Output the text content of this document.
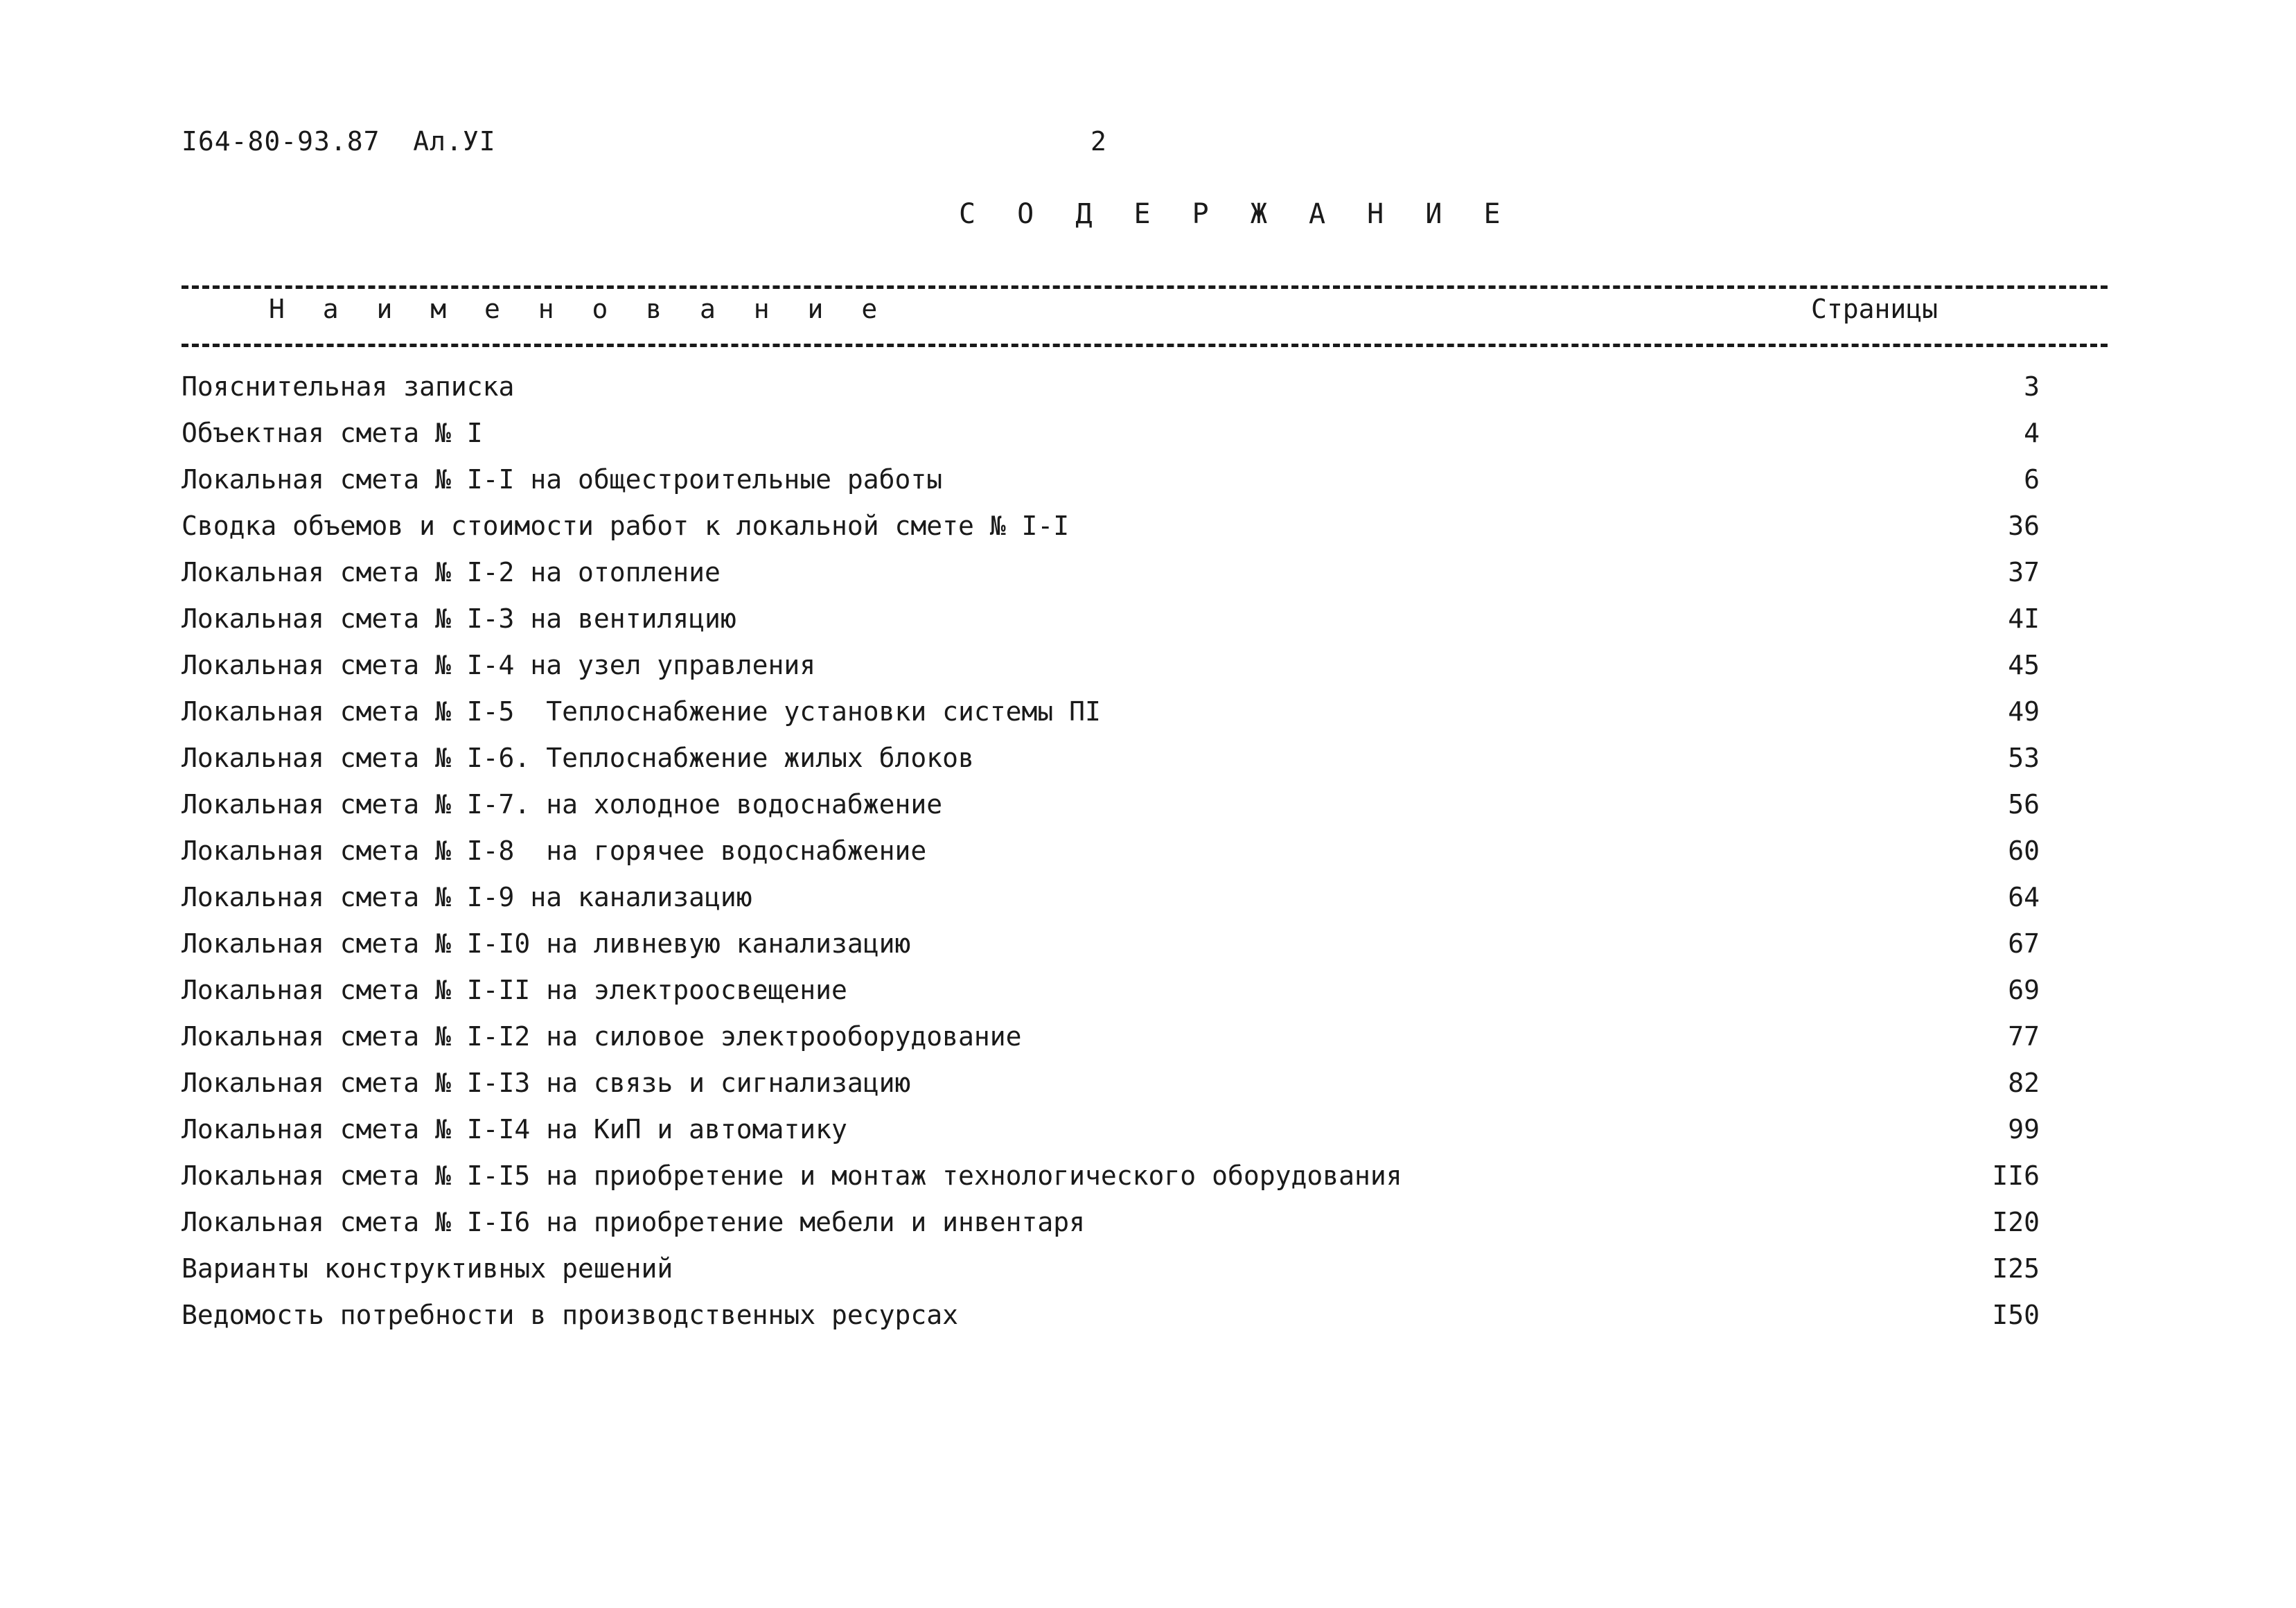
I64-80-93.87  Ал.УI	2
С О Д Е Р Ж А Н И Е
Н а и м е н о в а н и е	Страницы
Пояснительная записка	3
Объектная смета № I	4
Локальная смета № I-I на общестроительные работы	6
Сводка объемов и стоимости работ к локальной смете № I-I	36
Локальная смета № I-2 на отопление	37
Локальная смета № I-3 на вентиляцию	4I
Локальная смета № I-4 на узел управления	45
Локальная смета № I-5  Теплоснабжение установки системы ПI	49
Локальная смета № I-6. Теплоснабжение жилых блоков	53
Локальная смета № I-7. на холодное водоснабжение	56
Локальная смета № I-8  на горячее водоснабжение	60
Локальная смета № I-9 на канализацию	64
Локальная смета № I-I0 на ливневую канализацию	67
Локальная смета № I-II на электроосвещение	69
Локальная смета № I-I2 на силовое электрооборудование	77
Локальная смета № I-I3 на связь и сигнализацию	82
Локальная смета № I-I4 на КиП и автоматику	99
Локальная смета № I-I5 на приобретение и монтаж технологического оборудования	II6
Локальная смета № I-I6 на приобретение мебели и инвентаря	I20
Варианты конструктивных решений	I25
Ведомость потребности в производственных ресурсах	I50
